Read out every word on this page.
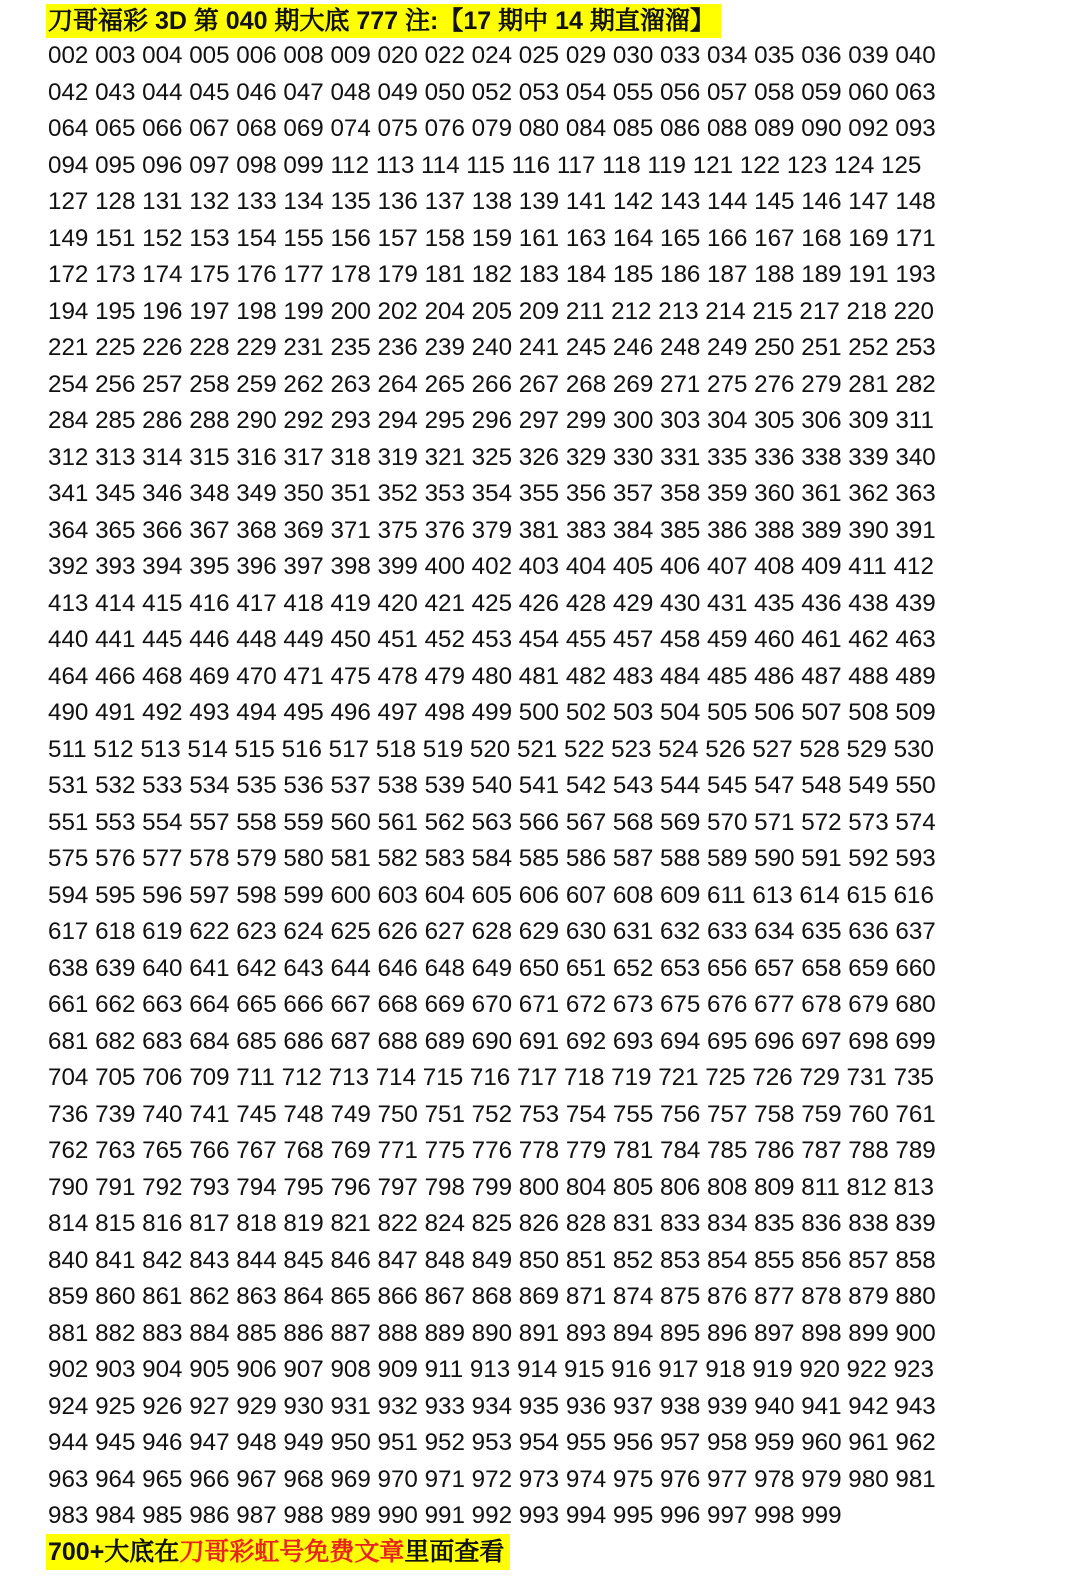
刀哥福彩 3D 第 040 期大底 777 注:【17 期中 14 期直溜溜】
002 003 004 005 006 008 009 020 022 024 025 029 030 033 034 035 036 039 040
042 043 044 045 046 047 048 049 050 052 053 054 055 056 057 058 059 060 063
064 065 066 067 068 069 074 075 076 079 080 084 085 086 088 089 090 092 093
094 095 096 097 098 099 112 113 114 115 116 117 118 119 121 122 123 124 125
127 128 131 132 133 134 135 136 137 138 139 141 142 143 144 145 146 147 148
149 151 152 153 154 155 156 157 158 159 161 163 164 165 166 167 168 169 171
172 173 174 175 176 177 178 179 181 182 183 184 185 186 187 188 189 191 193
194 195 196 197 198 199 200 202 204 205 209 211 212 213 214 215 217 218 220
221 225 226 228 229 231 235 236 239 240 241 245 246 248 249 250 251 252 253
254 256 257 258 259 262 263 264 265 266 267 268 269 271 275 276 279 281 282
284 285 286 288 290 292 293 294 295 296 297 299 300 303 304 305 306 309 311
312 313 314 315 316 317 318 319 321 325 326 329 330 331 335 336 338 339 340
341 345 346 348 349 350 351 352 353 354 355 356 357 358 359 360 361 362 363
364 365 366 367 368 369 371 375 376 379 381 383 384 385 386 388 389 390 391
392 393 394 395 396 397 398 399 400 402 403 404 405 406 407 408 409 411 412
413 414 415 416 417 418 419 420 421 425 426 428 429 430 431 435 436 438 439
440 441 445 446 448 449 450 451 452 453 454 455 457 458 459 460 461 462 463
464 466 468 469 470 471 475 478 479 480 481 482 483 484 485 486 487 488 489
490 491 492 493 494 495 496 497 498 499 500 502 503 504 505 506 507 508 509
511 512 513 514 515 516 517 518 519 520 521 522 523 524 526 527 528 529 530
531 532 533 534 535 536 537 538 539 540 541 542 543 544 545 547 548 549 550
551 553 554 557 558 559 560 561 562 563 566 567 568 569 570 571 572 573 574
575 576 577 578 579 580 581 582 583 584 585 586 587 588 589 590 591 592 593
594 595 596 597 598 599 600 603 604 605 606 607 608 609 611 613 614 615 616
617 618 619 622 623 624 625 626 627 628 629 630 631 632 633 634 635 636 637
638 639 640 641 642 643 644 646 648 649 650 651 652 653 656 657 658 659 660
661 662 663 664 665 666 667 668 669 670 671 672 673 675 676 677 678 679 680
681 682 683 684 685 686 687 688 689 690 691 692 693 694 695 696 697 698 699
704 705 706 709 711 712 713 714 715 716 717 718 719 721 725 726 729 731 735
736 739 740 741 745 748 749 750 751 752 753 754 755 756 757 758 759 760 761
762 763 765 766 767 768 769 771 775 776 778 779 781 784 785 786 787 788 789
790 791 792 793 794 795 796 797 798 799 800 804 805 806 808 809 811 812 813
814 815 816 817 818 819 821 822 824 825 826 828 831 833 834 835 836 838 839
840 841 842 843 844 845 846 847 848 849 850 851 852 853 854 855 856 857 858
859 860 861 862 863 864 865 866 867 868 869 871 874 875 876 877 878 879 880
881 882 883 884 885 886 887 888 889 890 891 893 894 895 896 897 898 899 900
902 903 904 905 906 907 908 909 911 913 914 915 916 917 918 919 920 922 923
924 925 926 927 929 930 931 932 933 934 935 936 937 938 939 940 941 942 943
944 945 946 947 948 949 950 951 952 953 954 955 956 957 958 959 960 961 962
963 964 965 966 967 968 969 970 971 972 973 974 975 976 977 978 979 980 981
983 984 985 986 987 988 989 990 991 992 993 994 995 996 997 998 999
700+大底在刀哥彩虹号免费文章里面查看
